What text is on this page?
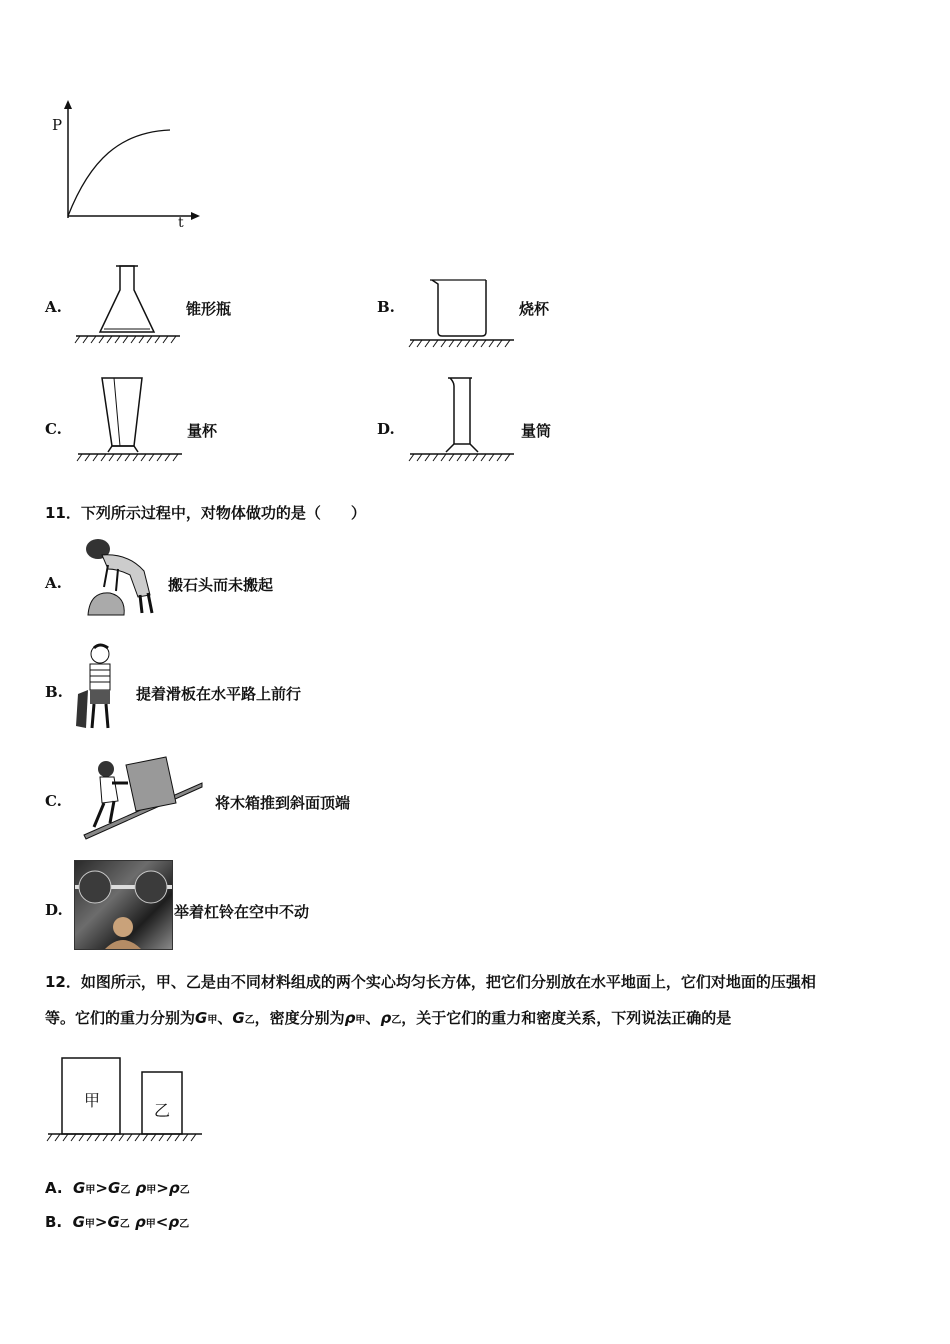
P
t
A.	锥形瓶	B.	烧杯
C.	量杯	D.	量筒
11．下列所示过程中，对物体做功的是（　　）
A.	搬石头而未搬起
B.	提着滑板在水平路上前行
C.	将木箱推到斜面顶端
D.	举着杠铃在空中不动
12．如图所示，甲、乙是由不同材料组成的两个实心均匀长方体，把它们分别放在水平地面上，它们对地面的压强相
等。它们的重力分别为G甲、G乙，密度分别为ρ甲、ρ乙，关于它们的重力和密度关系，下列说法正确的是
甲
乙
A. G甲>G乙 ρ甲>ρ乙
B. G甲>G乙 ρ甲<ρ乙
